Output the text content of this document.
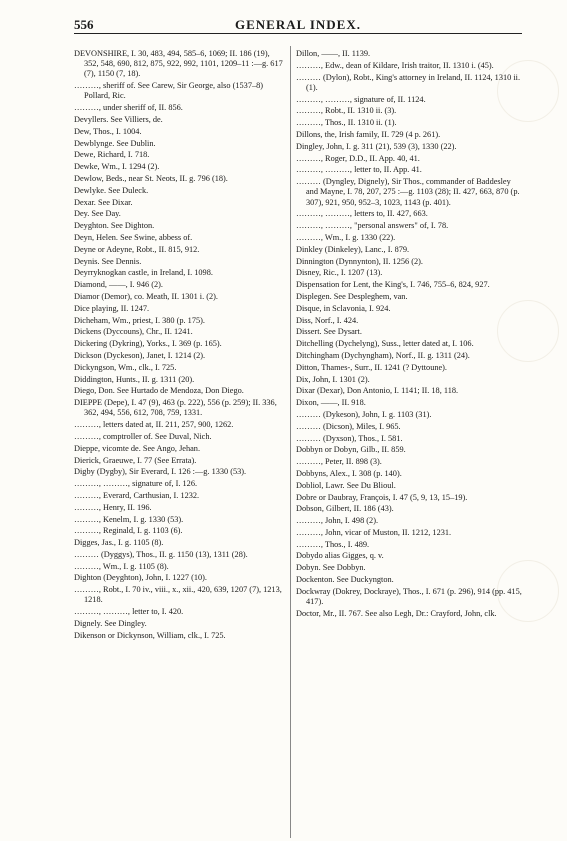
556	GENERAL INDEX.
DEVONSHIRE, I. 30, 483, 494, 585–6, 1069; II. 186 (19), 352, 548, 690, 812, 875, 922, 992, 1101, 1209–11 :—g. 617 (7), 1150 (7, 18).
………, sheriff of. See Carew, Sir George, also (1537–8) Pollard, Ric.
………, under sheriff of, II. 856.
Devyllers. See Villiers, de.
Dew, Thos., I. 1004.
Dewblynge. See Dublin.
Dewe, Richard, I. 718.
Dewke, Wm., I. 1294 (2).
Dewlow, Beds., near St. Neots, II. g. 796 (18).
Dewlyke. See Duleck.
Dexar. See Dixar.
Dey. See Day.
Deyghton. See Dighton.
Deyn, Helen. See Swine, abbess of.
Deyne or Adeyne, Robt., II. 815, 912.
Deynis. See Dennis.
Deyrryknogkan castle, in Ireland, I. 1098.
Diamond, ——, I. 946 (2).
Diamor (Demor), co. Meath, II. 1301 i. (2).
Dice playing, II. 1247.
Dicheham, Wm., priest, I. 380 (p. 175).
Dickens (Dyccouns), Chr., II. 1241.
Dickering (Dykring), Yorks., I. 369 (p. 165).
Dickson (Dyckeson), Janet, I. 1214 (2).
Dickyngson, Wm., clk., I. 725.
Diddington, Hunts., II. g. 1311 (20).
Diego, Don. See Hurtado de Mendoza, Don Diego.
DIEPPE (Depe), I. 47 (9), 463 (p. 222), 556 (p. 259); II. 336, 362, 494, 556, 612, 708, 759, 1331.
………, letters dated at, II. 211, 257, 900, 1262.
………, comptroller of. See Duval, Nich.
Dieppe, vicomte de. See Ango, Jehan.
Dierick, Graeuwe, I. 77 (See Errata).
Digby (Dygby), Sir Everard, I. 126 :—g. 1330 (53).
………, ………, signature of, I. 126.
………, Everard, Carthusian, I. 1232.
………, Henry, II. 196.
………, Kenelm, I. g. 1330 (53).
………, Reginald, I. g. 1103 (6).
Digges, Jas., I. g. 1105 (8).
……… (Dyggys), Thos., II. g. 1150 (13), 1311 (28).
………, Wm., I. g. 1105 (8).
Dighton (Deyghton), John, I. 1227 (10).
………, Robt., I. 70 iv., viii., x., xii., 420, 639, 1207 (7), 1213, 1218.
………, ………, letter to, I. 420.
Dignely. See Dingley.
Dikenson or Dickynson, William, clk., I. 725.
Dillon, ——, II. 1139.
………, Edw., dean of Kildare, Irish traitor, II. 1310 i. (45).
……… (Dylon), Robt., King's attorney in Ireland, II. 1124, 1310 ii. (1).
………, ………, signature of, II. 1124.
………, Robt., II. 1310 ii. (3).
………, Thos., II. 1310 ii. (1).
Dillons, the, Irish family, II. 729 (4 p. 261).
Dingley, John, I. g. 311 (21), 539 (3), 1330 (22).
………, Roger, D.D., II. App. 40, 41.
………, ………, letter to, II. App. 41.
……… (Dyngley, Dignely), Sir Thos., commander of Baddesley and Mayne, I. 78, 207, 275 :—g. 1103 (28); II. 427, 663, 870 (p. 307), 921, 950, 952–3, 1023, 1143 (p. 401).
………, ………, letters to, II. 427, 663.
………, ………, "personal answers" of, I. 78.
………, Wm., I. g. 1330 (22).
Dinkley (Dinkeley), Lanc., I. 879.
Dinnington (Dynnynton), II. 1256 (2).
Disney, Ric., I. 1207 (13).
Dispensation for Lent, the King's, I. 746, 755–6, 824, 927.
Displegen. See Despleghem, van.
Disque, in Sclavonia, I. 924.
Diss, Norf., I. 424.
Dissert. See Dysart.
Ditchelling (Dychelyng), Suss., letter dated at, I. 106.
Ditchingham (Dychyngham), Norf., II. g. 1311 (24).
Ditton, Thames-, Surr., II. 1241 (? Dyttoune).
Dix, John, I. 1301 (2).
Dixar (Dexar), Don Antonio, I. 1141; II. 18, 118.
Dixon, ——, II. 918.
……… (Dykeson), John, I. g. 1103 (31).
……… (Dicson), Miles, I. 965.
……… (Dyxson), Thos., I. 581.
Dobbyn or Dobyn, Gilb., II. 859.
………, Peter, II. 898 (3).
Dobbyns, Alex., I. 308 (p. 140).
Dobliol, Lawr. See Du Blioul.
Dobre or Daubray, François, I. 47 (5, 9, 13, 15–19).
Dobson, Gilbert, II. 186 (43).
………, John, I. 498 (2).
………, John, vicar of Muston, II. 1212, 1231.
………, Thos., I. 489.
Dobydo alias Gigges, q. v.
Dobyn. See Dobbyn.
Dockenton. See Duckyngton.
Dockwray (Dokrey, Dockraye), Thos., I. 671 (p. 296), 914 (pp. 415, 417).
Doctor, Mr., II. 767. See also Legh, Dr.: Crayford, John, clk.
